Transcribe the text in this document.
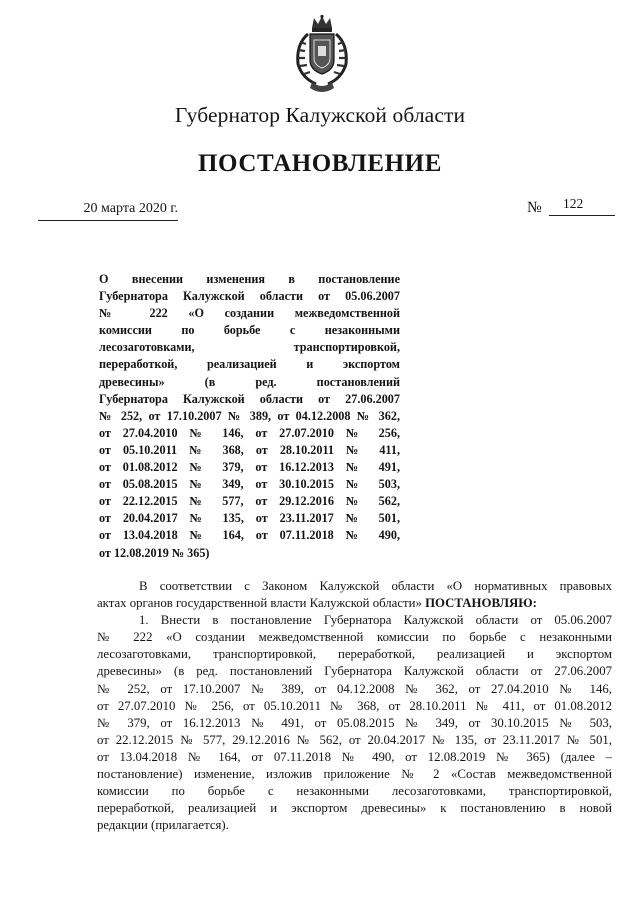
Губернатор Калужской области
ПОСТАНОВЛЕНИЕ
20 марта 2020 г.	№ 122
О внесении изменения в постановление
Губернатора Калужской области от 05.06.2007
№ 222 «О создании межведомственной
комиссии по борьбе с незаконными
лесозаготовками, транспортировкой,
переработкой, реализацией и экспортом
древесины» (в ред. постановлений
Губернатора Калужской области от 27.06.2007
№ 252, от 17.10.2007 № 389, от 04.12.2008 № 362,
от 27.04.2010 № 146, от 27.07.2010 № 256,
от 05.10.2011 № 368, от 28.10.2011 № 411,
от 01.08.2012 № 379, от 16.12.2013 № 491,
от 05.08.2015 № 349, от 30.10.2015 № 503,
от 22.12.2015 № 577, от 29.12.2016 № 562,
от 20.04.2017 № 135, от 23.11.2017 № 501,
от 13.04.2018 № 164, от 07.11.2018 № 490,
от 12.08.2019 № 365)
В соответствии с Законом Калужской области «О нормативных правовых
актах органов государственной власти Калужской области» ПОСТАНОВЛЯЮ:
1. Внести в постановление Губернатора Калужской области от 05.06.2007
№ 222 «О создании межведомственной комиссии по борьбе с незаконными
лесозаготовками, транспортировкой, переработкой, реализацией и экспортом
древесины» (в ред. постановлений Губернатора Калужской области от 27.06.2007
№ 252, от 17.10.2007 № 389, от 04.12.2008 № 362, от 27.04.2010 № 146,
от 27.07.2010 № 256, от 05.10.2011 № 368, от 28.10.2011 № 411, от 01.08.2012
№ 379, от 16.12.2013 № 491, от 05.08.2015 № 349, от 30.10.2015 № 503,
от 22.12.2015 № 577, 29.12.2016 № 562, от 20.04.2017 № 135, от 23.11.2017 № 501,
от 13.04.2018 № 164, от 07.11.2018 № 490, от 12.08.2019 № 365) (далее –
постановление) изменение, изложив приложение № 2 «Состав межведомственной
комиссии по борьбе с незаконными лесозаготовками, транспортировкой,
переработкой, реализацией и экспортом древесины» к постановлению в новой
редакции (прилагается).
